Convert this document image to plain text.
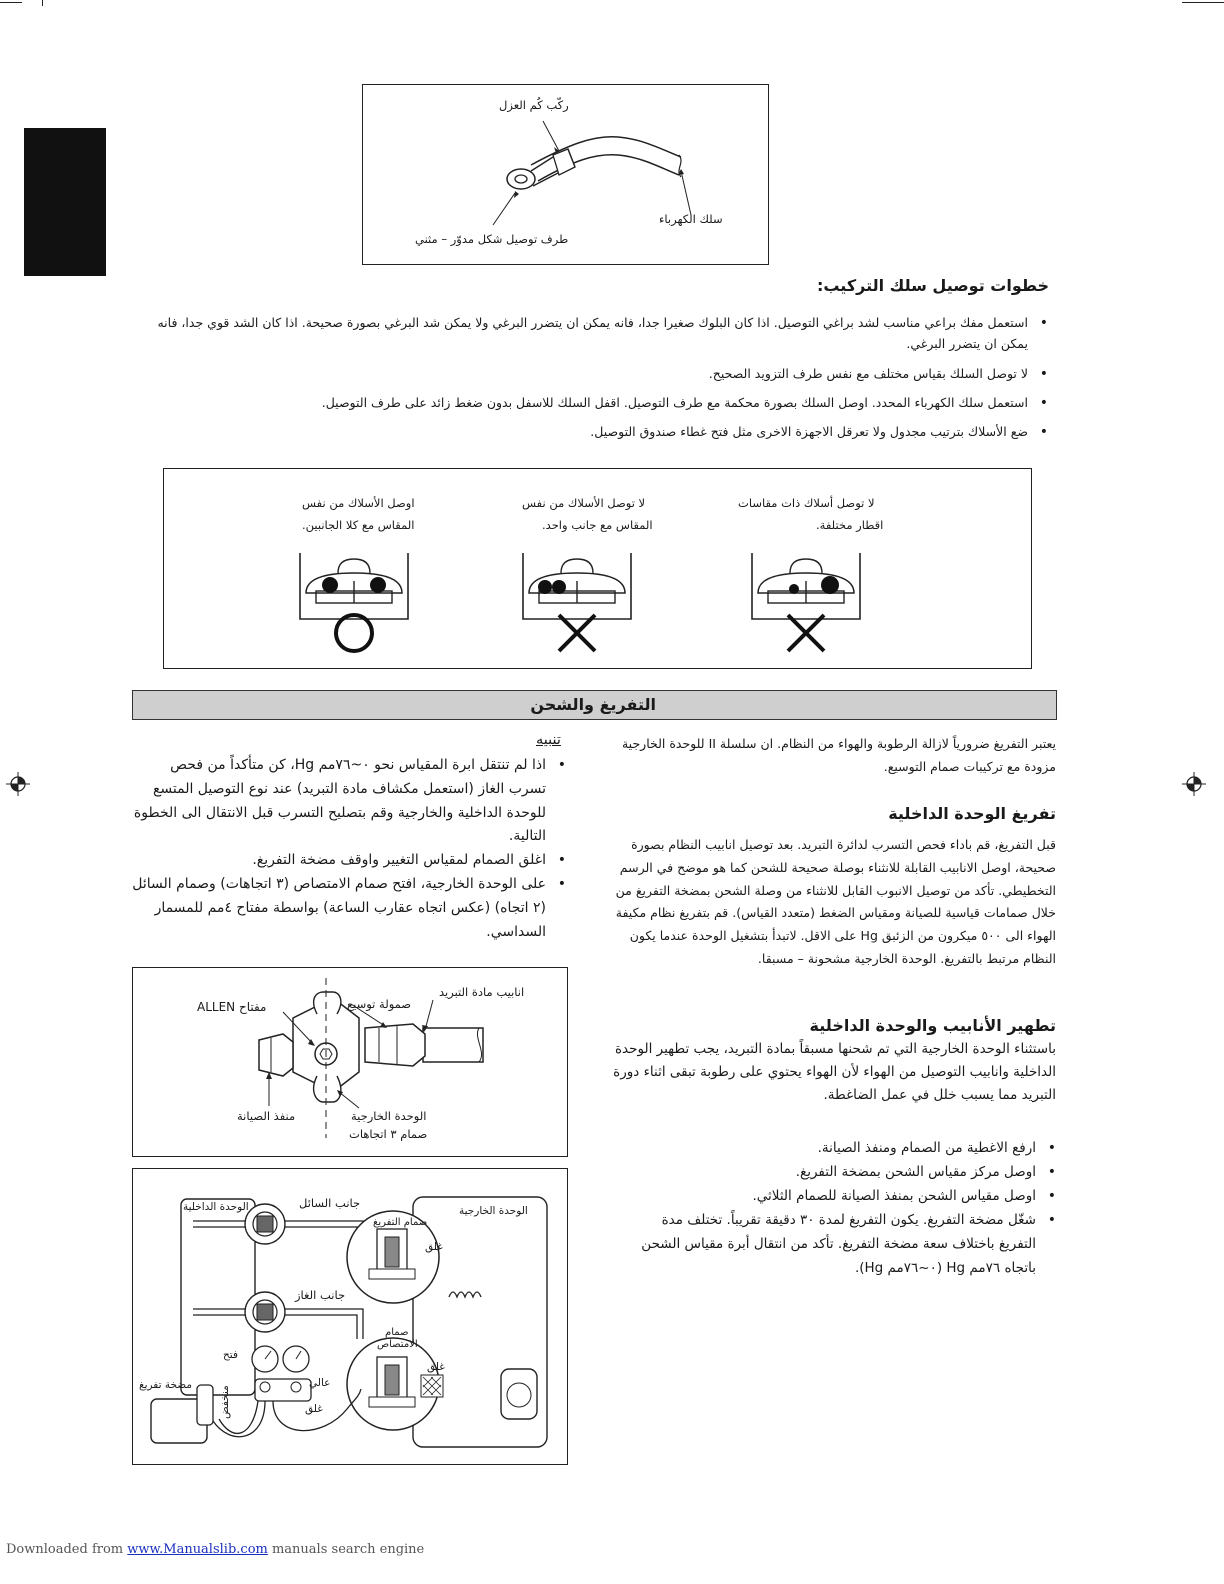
ركّب كُم العزل
سلك الكهرباء
طرف توصيل شكل مدوّر – مثني
خطوات توصيل سلك التركيب:
• استعمل مفك براعي مناسب لشد براغي التوصيل. اذا كان البلوك صغيرا جدا، فانه يمكن ان يتضرر البرغي ولا يمكن شد البرغي بصورة صحيحة. اذا كان الشد قوي جدا، فانه يمكن ان يتضرر البرغي.
• لا توصل السلك بقياس مختلف مع نفس طرف التزويد الصحيح.
• استعمل سلك الكهرباء المحدد. اوصل السلك بصورة محكمة مع طرف التوصيل. اقفل السلك للاسفل بدون ضغط زائد على طرف التوصيل.
• ضع الأسلاك بترتيب مجدول ولا تعرقل الاجهزة الاخرى مثل فتح غطاء صندوق التوصيل.
اوصل الأسلاك من نفس
المقاس مع كلا الجانبين.
لا توصل الأسلاك من نفس
المقاس مع جانب واحد.
لا توصل أسلاك ذات مقاسات
اقطار مختلفة.
التفريغ والشحن
يعتبر التفريغ ضرورياً لازالة الرطوبة والهواء من النظام. ان سلسلة II للوحدة الخارجية مزودة مع تركيبات صمام التوسيع.
تفريغ الوحدة الداخلية
قبل التفريغ، قم باداء فحص التسرب لدائرة التبريد. بعد توصيل انابيب النظام بصورة صحيحة، اوصل الانابيب القابلة للانثناء بوصلة صحيحة للشحن كما هو موضح في الرسم التخطيطي. تأكد من توصيل الانبوب القابل للانثناء من وصلة الشحن بمضخة التفريغ من خلال صمامات قياسية للصيانة ومقياس الضغط (متعدد القياس). قم بتفريغ نظام مكيفة الهواء الى ٥٠٠ ميكرون من الزئبق Hg على الاقل. لاتبدأ بتشغيل الوحدة عندما يكون النظام مرتبط بالتفريغ. الوحدة الخارجية مشحونة – مسبقا.
تطهير الأنابيب والوحدة الداخلية
باستثناء الوحدة الخارجية التي تم شحنها مسبقاً بمادة التبريد، يجب تطهير الوحدة الداخلية وانابيب التوصيل من الهواء لأن الهواء يحتوي على رطوبة تبقى اثناء دورة التبريد مما يسبب خلل في عمل الضاغطة.
• ارفع الاغطية من الصمام ومنفذ الصيانة.
• اوصل مركز مقياس الشحن بمضخة التفريغ.
• اوصل مقياس الشحن بمنفذ الصيانة للصمام الثلاثي.
• شغّل مضخة التفريغ. يكون التفريغ لمدة ٣٠ دقيقة تقريباً. تختلف مدة التفريغ باختلاف سعة مضخة التفريغ. تأكد من انتقال أبرة مقياس الشحن باتجاه ٧٦مم Hg (٠~٧٦مم Hg).
تنبيه
• اذا لم تنتقل ابرة المقياس نحو ٠~٧٦مم Hg، كن متأكداً من فحص تسرب الغاز (استعمل مكشاف مادة التبريد) عند نوع التوصيل المتسع للوحدة الداخلية والخارجية وقم بتصليح التسرب قبل الانتقال الى الخطوة التالية.
• اغلق الصمام لمقياس التغيير واوقف مضخة التفريغ.
• على الوحدة الخارجية، افتح صمام الامتصاص (٣ اتجاهات) وصمام السائل (٢ اتجاه) (عكس اتجاه عقارب الساعة) بواسطة مفتاح ٤مم للمسمار السداسي.
مفتاح ALLEN	صمولة توسيع
انابيب مادة التبريد
منفذ الصيانة	الوحدة الخارجية
صمام ٣ اتجاهات
الوحدة الداخلية	جانب السائل
الوحدة الخارجية
صمام التفريغ
غلق
جانب الغاز
صمام
الامتصاص
غلق
فتح
عالي
مضخة تفريغ
منخفض	غلق
Downloaded from www.Manualslib.com manuals search engine
